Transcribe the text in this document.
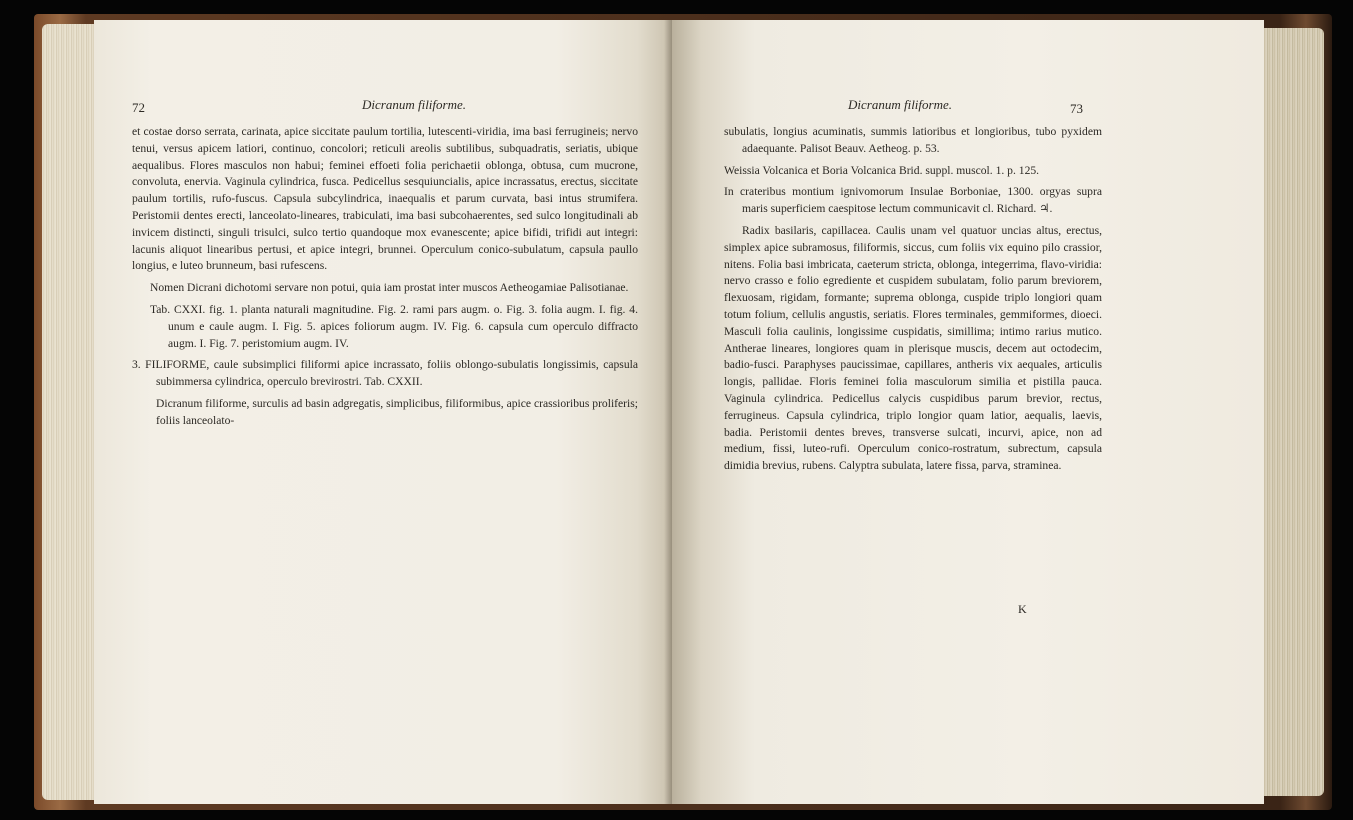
72	Dicranum filiforme.

et costae dorso serrata, carinata, apice siccitate paulum tortilia, lutescenti-viridia, ima basi ferrugineis; nervo tenui, versus apicem latiori, continuo, concolori; reticuli areolis subtilibus, subquadratis, seriatis, ubique aequalibus. Flores masculos non habui; feminei effoeti folia perichaetii oblonga, obtusa, cum mucrone, convoluta, enervia. Vaginula cylindrica, fusca. Pedicellus sesquiuncialis, apice incrassatus, erectus, siccitate paulum tortilis, rufo-fuscus. Capsula subcylindrica, inaequalis et parum curvata, basi intus strumifera. Peristomii dentes erecti, lanceolato-lineares, trabiculati, ima basi subcohaerentes, sed sulco longitudinali ab invicem distincti, singuli trisulci, sulco tertio quandoque mox evanescente; apice bifidi, trifidi aut integri: lacunis aliquot linearibus pertusi, et apice integri, brunnei. Operculum conico-subulatum, capsula paullo longius, e luteo brunneum, basi rufescens.

Nomen Dicrani dichotomi servare non potui, quia iam prostat inter muscos Aetheogamiae Palisotianae.

Tab. CXXI. fig. 1. planta naturali magnitudine. Fig. 2. rami pars augm. o. Fig. 3. folia augm. I. fig. 4. unum e caule augm. I. Fig. 5. apices foliorum augm. IV. Fig. 6. capsula cum operculo diffracto augm. I. Fig. 7. peristomium augm. IV.

3. FILIFORME, caule subsimplici filiformi apice incrassato, foliis oblongo-subulatis longissimis, capsula subimmersa cylindrica, operculo brevirostri. Tab. CXXII.

Dicranum filiforme, surculis ad basin adgregatis, simplicibus, filiformibus, apice crassioribus proliferis; foliis lanceolato-

Dicranum filiforme.	73

subulatis, longius acuminatis, summis latioribus et longioribus, tubo pyxidem adaequante. Palisot Beauv. Aetheog. p. 53.

Weissia Volcanica et Boria Volcanica Brid. suppl. muscol. 1. p. 125.

In crateribus montium ignivomorum Insulae Borboniae, 1300. orgyas supra maris superficiem caespitose lectum communicavit cl. Richard. ♃.

Radix basilaris, capillacea. Caulis unam vel quatuor uncias altus, erectus, simplex apice subramosus, filiformis, siccus, cum foliis vix equino pilo crassior, nitens. Folia basi imbricata, caeterum stricta, oblonga, integerrima, flavo-viridia: nervo crasso e folio egrediente et cuspidem subulatam, folio parum breviorem, flexuosam, rigidam, formante; suprema oblonga, cuspide triplo longiori quam totum folium, cellulis angustis, seriatis. Flores terminales, gemmiformes, dioeci. Masculi folia caulinis, longissime cuspidatis, simillima; intimo rarius mutico. Antherae lineares, longiores quam in plerisque muscis, decem aut octodecim, badio-fusci. Paraphyses paucissimae, capillares, antheris vix aequales, articulis longis, pallidae. Floris feminei folia masculorum similia et pistilla pauca. Vaginula cylindrica. Pedicellus calycis cuspidibus parum brevior, rectus, ferrugineus. Capsula cylindrica, triplo longior quam latior, aequalis, laevis, badia. Peristomii dentes breves, transverse sulcati, incurvi, apice, non ad medium, fissi, luteo-rufi. Operculum conico-rostratum, subrectum, capsula dimidia brevius, rubens. Calyptra subulata, latere fissa, parva, straminea.

K
